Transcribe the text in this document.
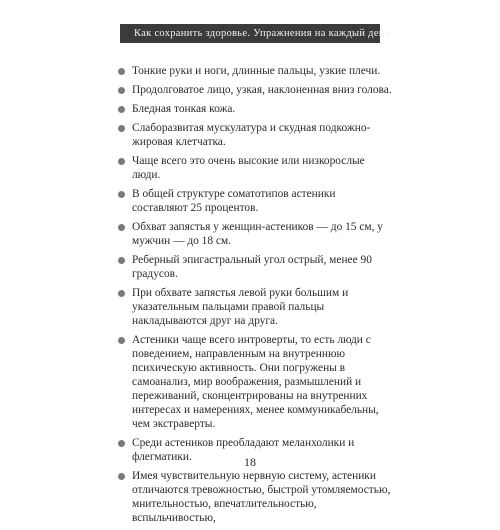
Как сохранить здоровье. Упражнения на каждый день
Тонкие руки и ноги, длинные пальцы, узкие плечи.
Продолговатое лицо, узкая, наклоненная вниз голова.
Бледная тонкая кожа.
Слаборазвитая мускулатура и скудная подкожно-жировая клетчатка.
Чаще всего это очень высокие или низкорослые люди.
В общей структуре соматотипов астеники составляют 25 процентов.
Обхват запястья у женщин-астеников — до 15 см, у мужчин — до 18 см.
Реберный эпигастральный угол острый, менее 90 градусов.
При обхвате запястья левой руки большим и указательным пальцами правой пальцы накладываются друг на друга.
Астеники чаще всего интроверты, то есть люди с поведением, направленным на внутреннюю психическую активность. Они погружены в самоанализ, мир воображения, размышлений и переживаний, сконцентрированы на внутренних интересах и намерениях, менее коммуникабельны, чем экстраверты.
Среди астеников преобладают меланхолики и флегматики.
Имея чувствительную нервную систему, астеники отличаются тревожностью, быстрой утомляемостью, мнительностью, впечатлительностью, вспыльчивостью,
18
